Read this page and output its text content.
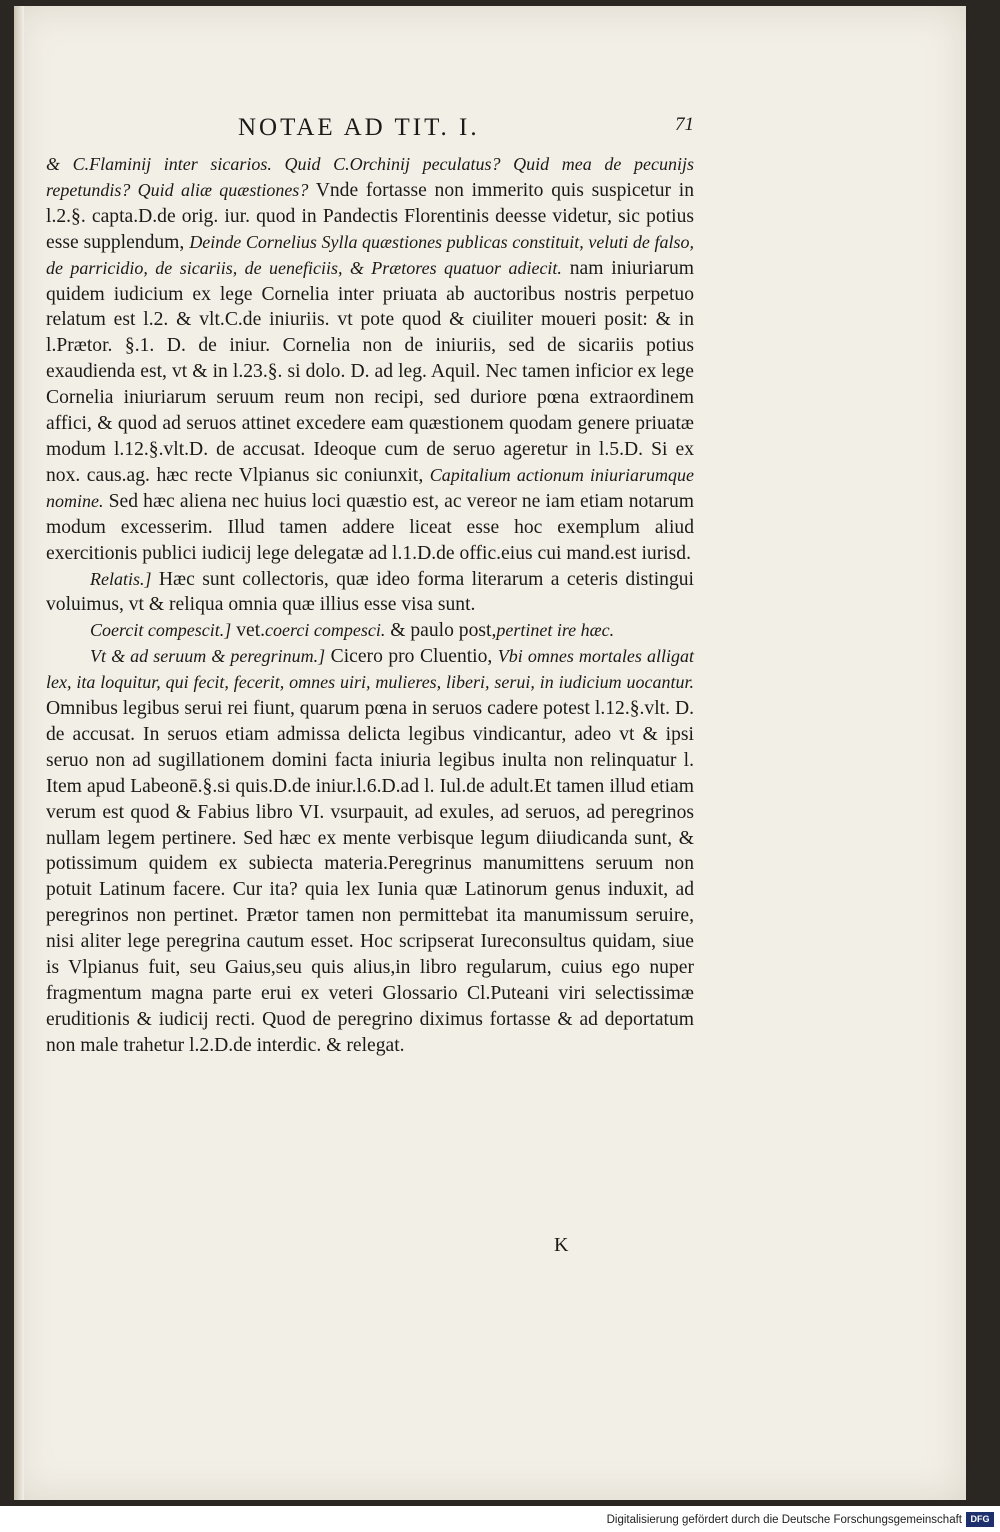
NOTAE AD TIT. I.	71

& C.Flaminij inter sicarios. Quid C.Orchinij peculatus? Quid mea de pecunijs repetundis? Quid aliæ quæstiones? Vnde fortasse non immerito quis suspicetur in l.2.§. capta.D.de orig. iur. quod in Pandectis Florentinis deesse videtur, sic potius esse supplendum, Deinde Cornelius Sylla quæstiones publicas constituit, veluti de falso, de parricidio, de sicariis, de ueneficiis, & Prætores quatuor adiecit. nam iniuriarum quidem iudicium ex lege Cornelia inter priuata ab auctoribus nostris perpetuo relatum est l.2. & vlt.C.de iniuriis. vt pote quod & ciuiliter moueri posit: & in l.Prætor. §.1. D. de iniur. Cornelia non de iniuriis, sed de sicariis potius exaudienda est, vt & in l.23.§. si dolo. D. ad leg. Aquil. Nec tamen inficior ex lege Cornelia iniuriarum seruum reum non recipi, sed duriore pœna extraordinem affici, & quod ad seruos attinet excedere eam quæstionem quodam genere priuatæ modum l.12.§.vlt.D. de accusat. Ideoque cum de seruo ageretur in l.5.D. Si ex nox. caus.ag. hæc recte Vlpianus sic coniunxit, Capitalium actionum iniuriarumque nomine. Sed hæc aliena nec huius loci quæstio est, ac vereor ne iam etiam notarum modum excesserim. Illud tamen addere liceat esse hoc exemplum aliud exercitionis publici iudicij lege delegatæ ad l.1.D.de offic.eius cui mand.est iurisd.

Relatis.] Hæc sunt collectoris, quæ ideo forma literarum a ceteris distingui voluimus, vt & reliqua omnia quæ illius esse visa sunt.

Coercit compescit.] vet.coerci compesci. & paulo post,pertinet ire hæc.

Vt & ad seruum & peregrinum.] Cicero pro Cluentio, Vbi omnes mortales alligat lex, ita loquitur, qui fecit, fecerit, omnes uiri, mulieres, liberi, serui, in iudicium uocantur. Omnibus legibus serui rei fiunt, quarum pœna in seruos cadere potest l.12.§.vlt. D. de accusat. In seruos etiam admissa delicta legibus vindicantur, adeo vt & ipsi seruo non ad sugillationem domini facta iniuria legibus inulta non relinquatur l. Item apud Labeonē.§.si quis.D.de iniur.l.6.D.ad l. Iul.de adult.Et tamen illud etiam verum est quod & Fabius libro VI. vsurpauit, ad exules, ad seruos, ad peregrinos nullam legem pertinere. Sed hæc ex mente verbisque legum diiudicanda sunt, & potissimum quidem ex subiecta materia.Peregrinus manumittens seruum non potuit Latinum facere. Cur ita? quia lex Iunia quæ Latinorum genus induxit, ad peregrinos non pertinet. Prætor tamen non permittebat ita manumissum seruire, nisi aliter lege peregrina cautum esset. Hoc scripserat Iureconsultus quidam, siue is Vlpianus fuit, seu Gaius,seu quis alius,in libro regularum, cuius ego nuper fragmentum magna parte erui ex veteri Glossario Cl.Puteani viri selectissimæ eruditionis & iudicij recti. Quod de peregrino diximus fortasse & ad deportatum non male trahetur l.2.D.de interdic. & relegat.

K
Digitalisierung gefördert durch die Deutsche Forschungsgemeinschaft DFG
